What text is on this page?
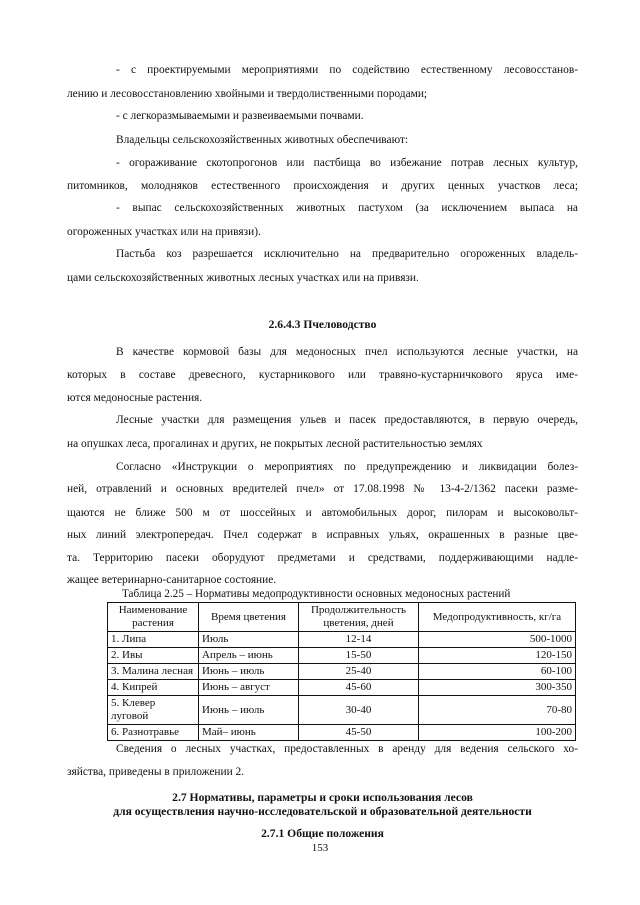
- с проектируемыми мероприятиями по содействию естественному лесовосстанов-

лению и лесовосстановлению хвойными и твердолиственными породами;

- с легкоразмываемыми и развеиваемыми почвами.

Владельцы сельскохозяйственных животных обеспечивают:

- огораживание скотопрогонов или пастбища во избежание потрав лесных культур,

питомников, молодняков естественного происхождения и других ценных участков леса;

- выпас сельскохозяйственных животных пастухом (за исключением выпаса на

огороженных участках или на привязи).

Пастьба коз разрешается исключительно на предварительно огороженных владель-

цами сельскохозяйственных животных лесных участках или на привязи.

2.6.4.3 Пчеловодство

В качестве кормовой базы для медоносных пчел используются лесные участки, на

которых в составе древесного, кустарникового или травяно-кустарничкового яруса име-

ются медоносные растения.

Лесные участки для размещения ульев и пасек предоставляются, в первую очередь,

на опушках леса, прогалинах и других, не покрытых лесной растительностью землях

Согласно «Инструкции о мероприятиях по предупреждению и ликвидации болез-

ней, отравлений и основных вредителей пчел» от 17.08.1998 № 13-4-2/1362 пасеки разме-

щаются не ближе 500 м от шоссейных и автомобильных дорог, пилорам и высоковольт-

ных линий электропередач. Пчел содержат в исправных ульях, окрашенных в разные цве-

та. Территорию пасеки оборудуют предметами и средствами, поддерживающими надле-

жащее ветеринарно-санитарное состояние.

Таблица 2.25 – Нормативы медопродуктивности основных медоносных растений

Наименование растения	Время цветения	Продолжительность цветения, дней	Медопродуктивность, кг/га
1. Липа	Июль	12-14	500-1000
2. Ивы	Апрель – июнь	15-50	120-150
3. Малина лесная	Июнь – июль	25-40	60-100
4. Кипрей	Июнь – август	45-60	300-350
5. Клевер луговой	Июнь – июль	30-40	70-80
6. Разнотравье	Май– июнь	45-50	100-200

Сведения о лесных участках, предоставленных в аренду для ведения сельского хо-

зяйства, приведены в приложении 2.

2.7 Нормативы, параметры и сроки использования лесов
для осуществления научно-исследовательской и образовательной деятельности
2.7.1 Общие положения

153
